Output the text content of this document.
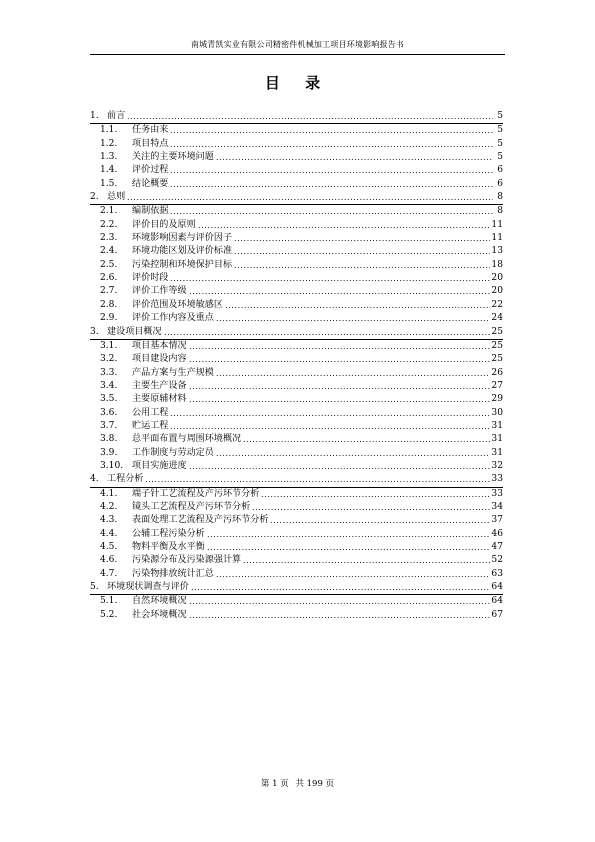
南城青凯实业有限公司精密件机械加工项目环境影响报告书
目 录
1. ..... 前言	5
1.1. ..... 任务由来	5
1.2. ..... 项目特点	5
1.3. ..... 关注的主要环境问题	5
1.4. ..... 评价过程	6
1.5. ..... 结论概要	6
2. ..... 总则	8
2.1. ..... 编制依据	8
2.2. ..... 评价目的及原则	11
2.3. ..... 环境影响因素与评价因子	11
2.4. ..... 环境功能区划及评价标准	13
2.5. ..... 污染控制和环境保护目标	18
2.6. ..... 评价时段	20
2.7. ..... 评价工作等级	20
2.8. ..... 评价范围及环境敏感区	22
2.9. ..... 评价工作内容及重点	24
3. ..... 建设项目概况	25
3.1. ..... 项目基本情况	25
3.2. ..... 项目建设内容	25
3.3. ..... 产品方案与生产规模	26
3.4. ..... 主要生产设备	27
3.5. ..... 主要原辅材料	29
3.6. ..... 公用工程	30
3.7. ..... 贮运工程	31
3.8. ..... 总平面布置与周围环境概况	31
3.9. ..... 工作制度与劳动定员	31
3.10. ..... 项目实施进度	32
4. ..... 工程分析	33
4.1. ..... 端子针工艺流程及产污环节分析	33
4.2. ..... 镜头工艺流程及产污环节分析	34
4.3. ..... 表面处理工艺流程及产污环节分析	37
4.4. ..... 公辅工程污染分析	46
4.5. ..... 物料平衡及水平衡	47
4.6. ..... 污染源分布及污染源强计算	52
4.7. ..... 污染物排放统计汇总	63
5. ..... 环境现状调查与评价	64
5.1. ..... 自然环境概况	64
5.2. ..... 社会环境概况	67
第 1 页 共 199 页
